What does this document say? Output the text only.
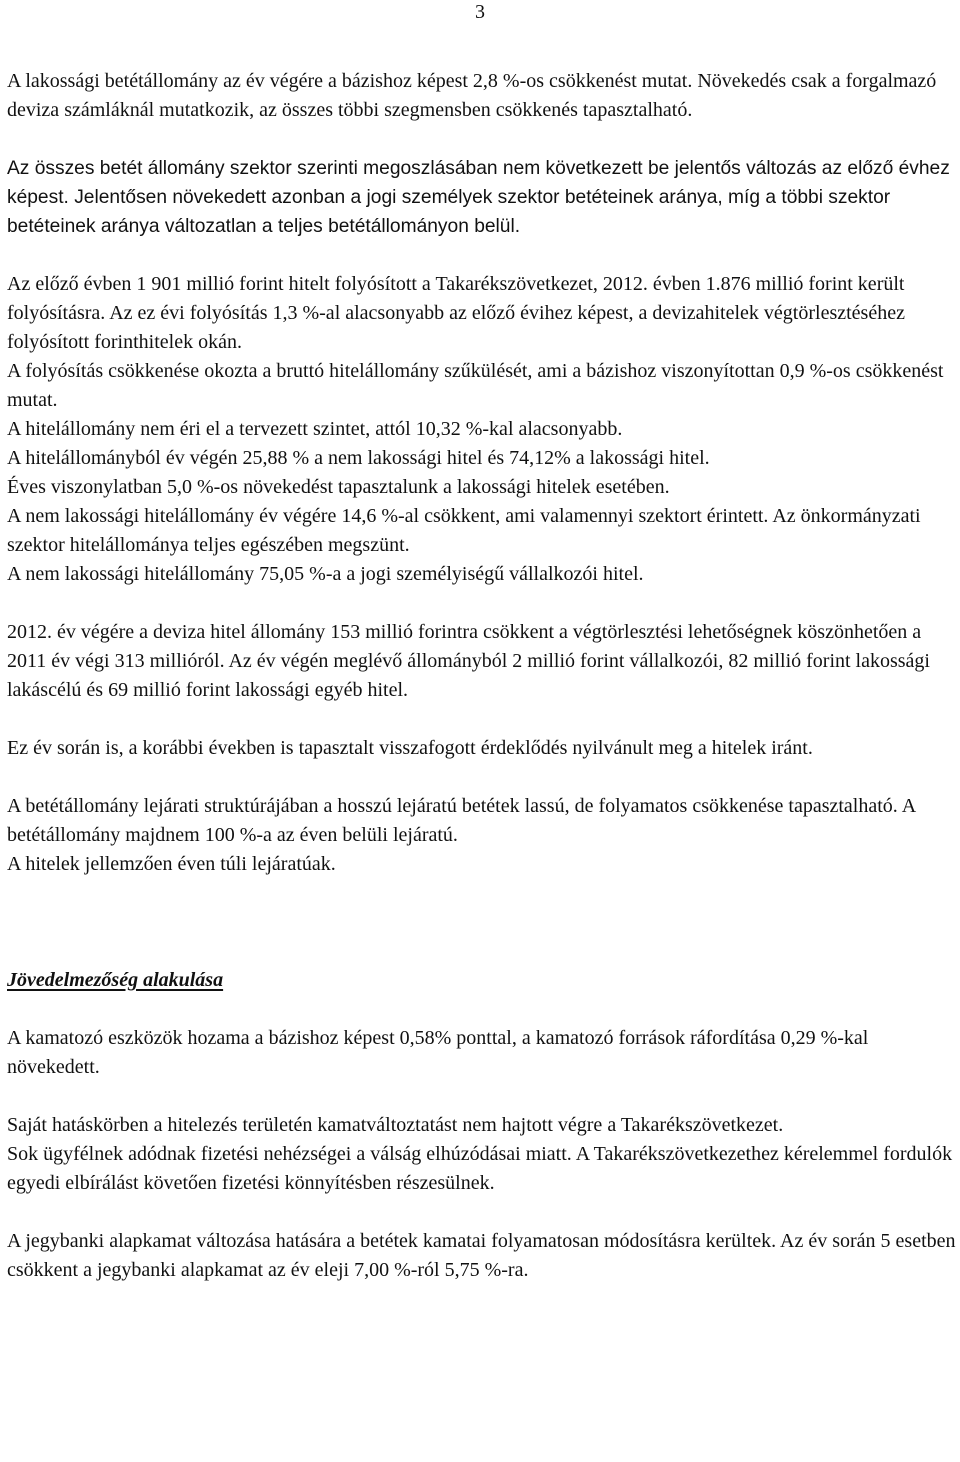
3

A lakossági betétállomány az év végére a bázishoz képest 2,8 %-os csökkenést mutat. Növekedés csak a forgalmazó deviza számláknál mutatkozik, az összes többi szegmensben csökkenés tapasztalható.

Az összes betét állomány szektor szerinti megoszlásában nem következett be jelentős változás az előző évhez képest. Jelentősen növekedett azonban a jogi személyek szektor betéteinek aránya, míg a többi szektor betéteinek aránya változatlan a teljes betétállományon belül.

Az előző évben 1 901 millió forint hitelt folyósított a Takarékszövetkezet, 2012. évben 1.876 millió forint került folyósításra. Az ez évi folyósítás 1,3 %-al alacsonyabb az előző évihez képest, a devizahitelek végtörlesztéséhez folyósított forinthitelek okán.

A folyósítás csökkenése okozta a bruttó hitelállomány szűkülését, ami a bázishoz viszonyítottan 0,9 %-os csökkenést mutat.

A hitelállomány nem éri el a tervezett szintet, attól 10,32 %-kal alacsonyabb.

A hitelállományból év végén 25,88 % a nem lakossági hitel és 74,12% a lakossági hitel.

Éves viszonylatban 5,0 %-os növekedést tapasztalunk a lakossági hitelek esetében.

A nem lakossági hitelállomány év végére 14,6 %-al csökkent, ami valamennyi szektort érintett. Az önkormányzati szektor hitelállománya teljes egészében megszünt.

A nem lakossági hitelállomány 75,05 %-a a jogi személyiségű vállalkozói hitel.

2012. év végére a deviza hitel állomány 153 millió forintra csökkent a végtörlesztési lehetőségnek köszönhetően a 2011 év végi 313 millióról. Az év végén meglévő állományból 2 millió forint vállalkozói, 82 millió forint lakossági lakáscélú és 69 millió forint lakossági egyéb hitel.

Ez év során is, a korábbi években is tapasztalt visszafogott érdeklődés nyilvánult meg a hitelek iránt.

A betétállomány lejárati struktúrájában a hosszú lejáratú betétek lassú, de folyamatos csökkenése tapasztalható. A betétállomány majdnem 100 %-a az éven belüli lejáratú.

A hitelek jellemzően éven túli lejáratúak.

Jövedelmezőség alakulása

A kamatozó eszközök hozama a bázishoz képest 0,58% ponttal, a kamatozó források ráfordítása 0,29 %-kal növekedett.

Saját hatáskörben a hitelezés területén kamatváltoztatást nem hajtott végre a Takarékszövetkezet.

Sok ügyfélnek adódnak fizetési nehézségei a válság elhúzódásai miatt. A Takarékszövetkezethez kérelemmel fordulók egyedi elbírálást követően fizetési könnyítésben részesülnek.

A jegybanki alapkamat változása hatására a betétek kamatai folyamatosan módosításra kerültek. Az év során 5 esetben csökkent a jegybanki alapkamat az év eleji 7,00 %-ról 5,75 %-ra.
